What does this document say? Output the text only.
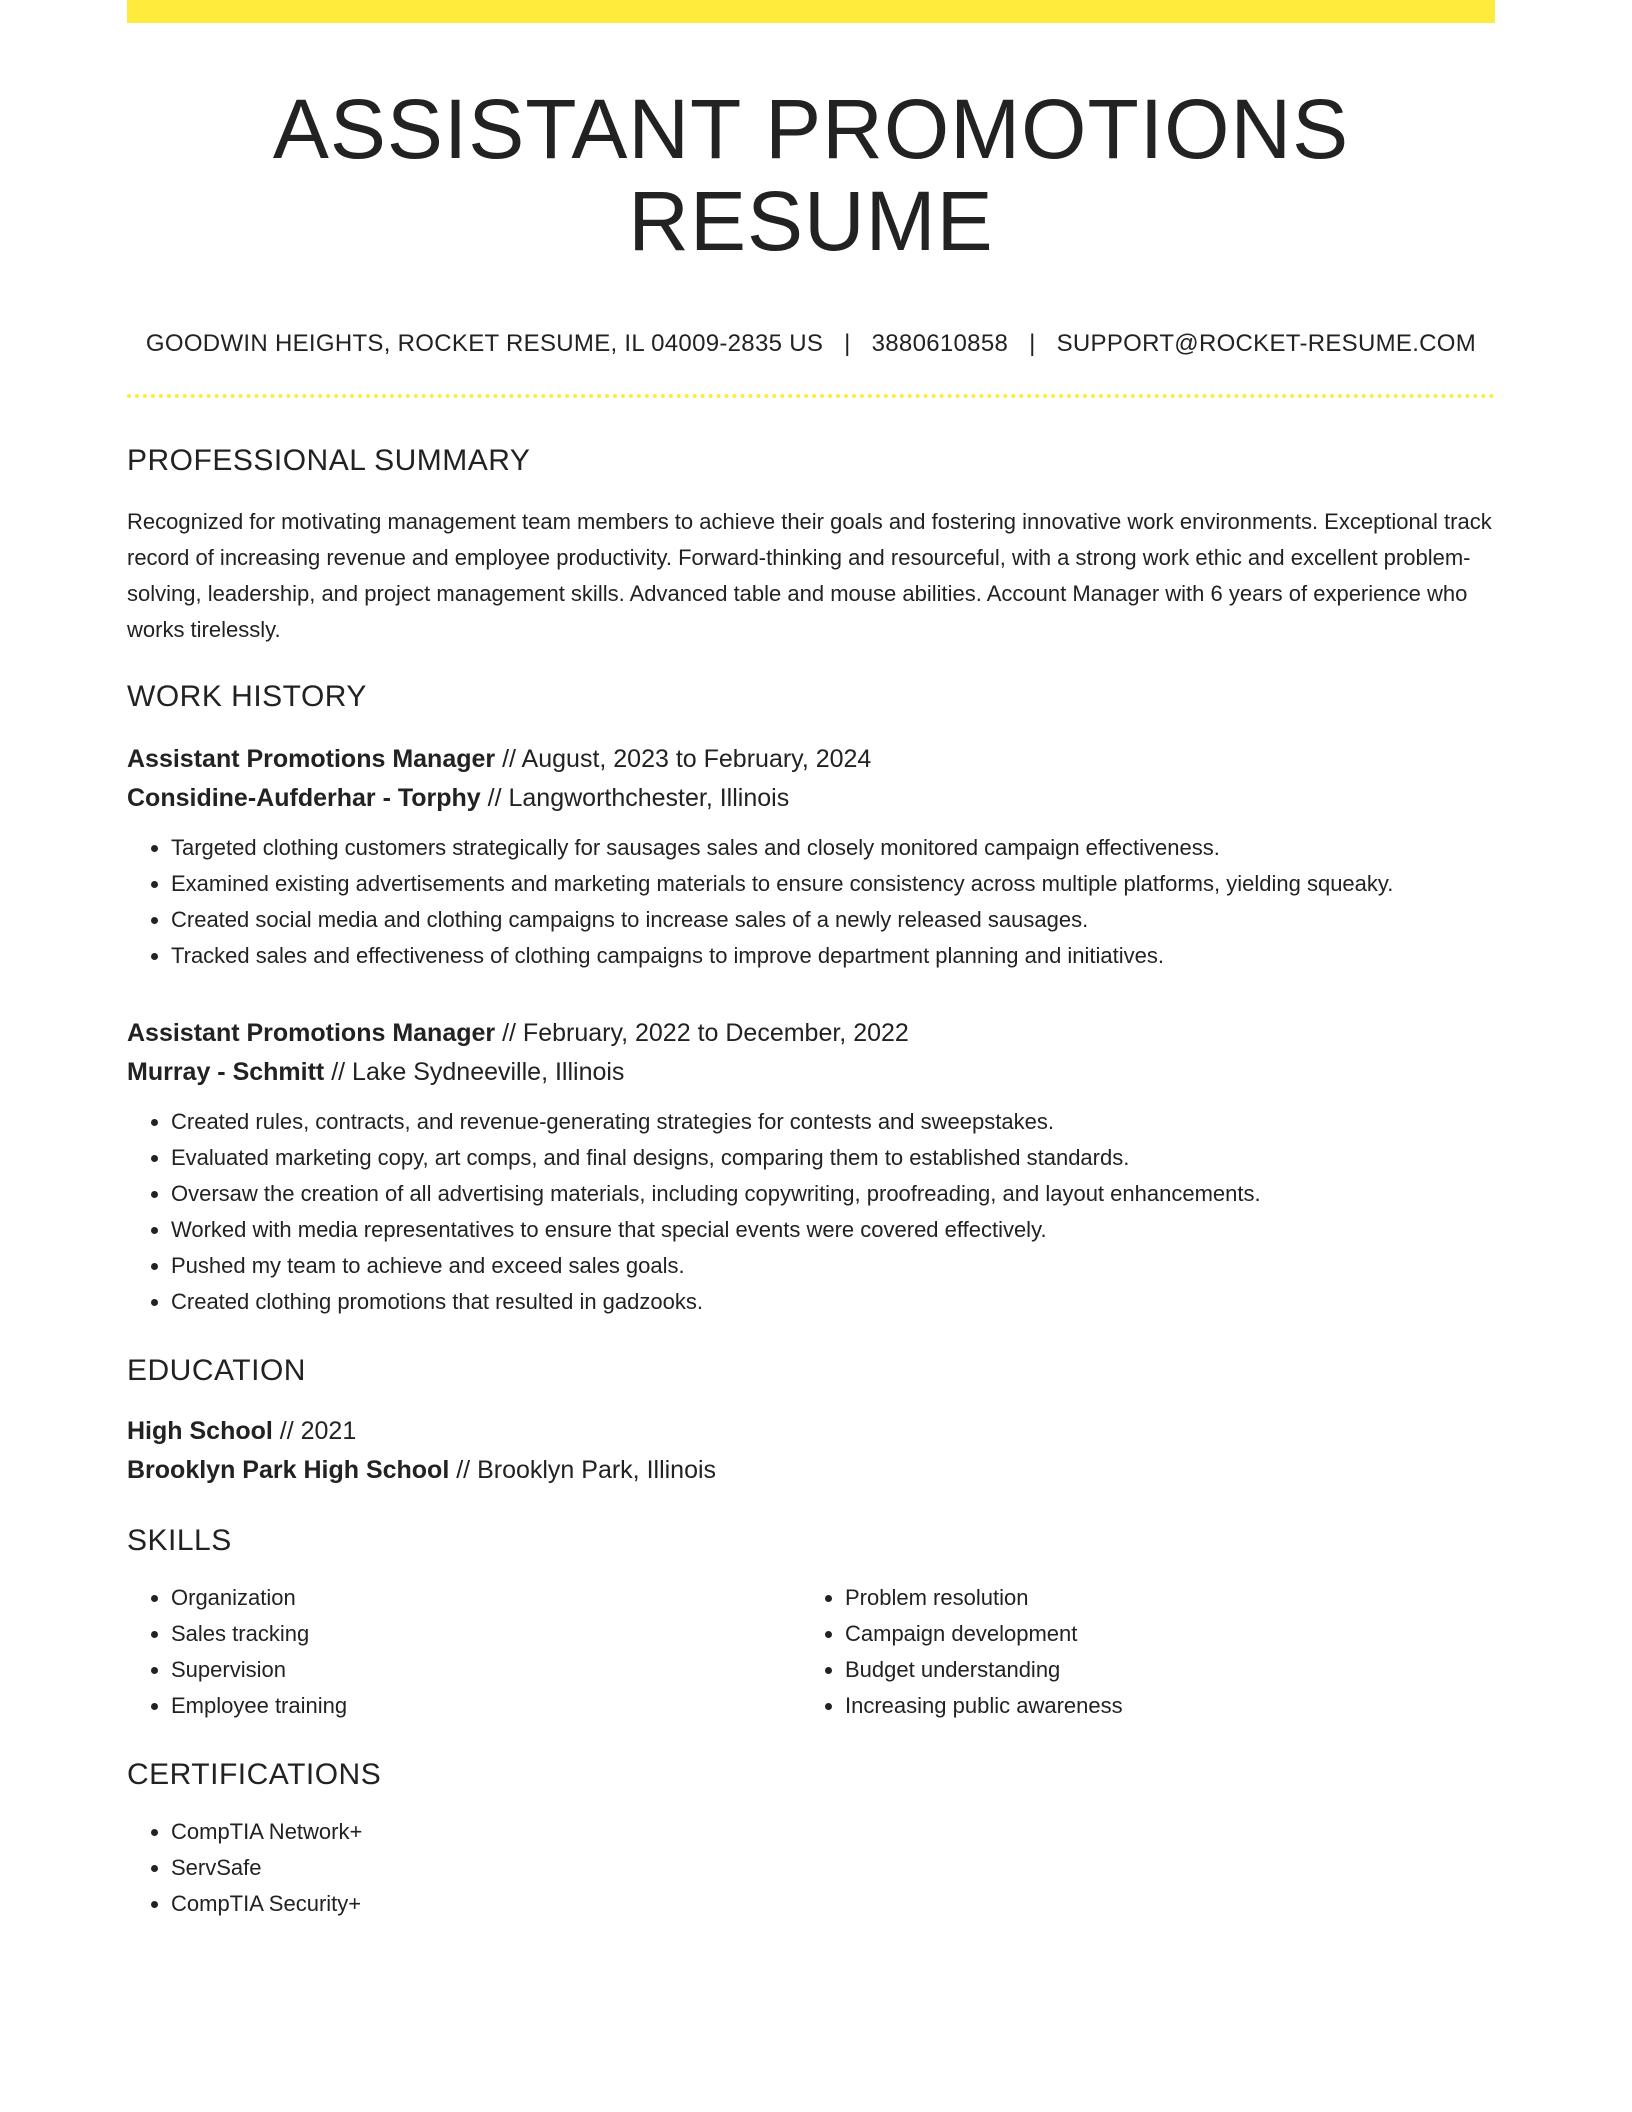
ASSISTANT PROMOTIONS RESUME
GOODWIN HEIGHTS, ROCKET RESUME, IL 04009-2835 US | 3880610858 | SUPPORT@ROCKET-RESUME.COM
PROFESSIONAL SUMMARY

Recognized for motivating management team members to achieve their goals and fostering innovative work environments. Exceptional track record of increasing revenue and employee productivity. Forward-thinking and resourceful, with a strong work ethic and excellent problem-solving, leadership, and project management skills. Advanced table and mouse abilities. Account Manager with 6 years of experience who works tirelessly.

WORK HISTORY
Assistant Promotions Manager // August, 2023 to February, 2024
Considine-Aufderhar - Torphy // Langworthchester, Illinois
• Targeted clothing customers strategically for sausages sales and closely monitored campaign effectiveness.
• Examined existing advertisements and marketing materials to ensure consistency across multiple platforms, yielding squeaky.
• Created social media and clothing campaigns to increase sales of a newly released sausages.
• Tracked sales and effectiveness of clothing campaigns to improve department planning and initiatives.
Assistant Promotions Manager // February, 2022 to December, 2022
Murray - Schmitt // Lake Sydneeville, Illinois
• Created rules, contracts, and revenue-generating strategies for contests and sweepstakes.
• Evaluated marketing copy, art comps, and final designs, comparing them to established standards.
• Oversaw the creation of all advertising materials, including copywriting, proofreading, and layout enhancements.
• Worked with media representatives to ensure that special events were covered effectively.
• Pushed my team to achieve and exceed sales goals.
• Created clothing promotions that resulted in gadzooks.
EDUCATION
High School // 2021
Brooklyn Park High School // Brooklyn Park, Illinois
SKILLS
• Organization
• Sales tracking
• Supervision
• Employee training
• Problem resolution
• Campaign development
• Budget understanding
• Increasing public awareness
CERTIFICATIONS
• CompTIA Network+
• ServSafe
• CompTIA Security+
